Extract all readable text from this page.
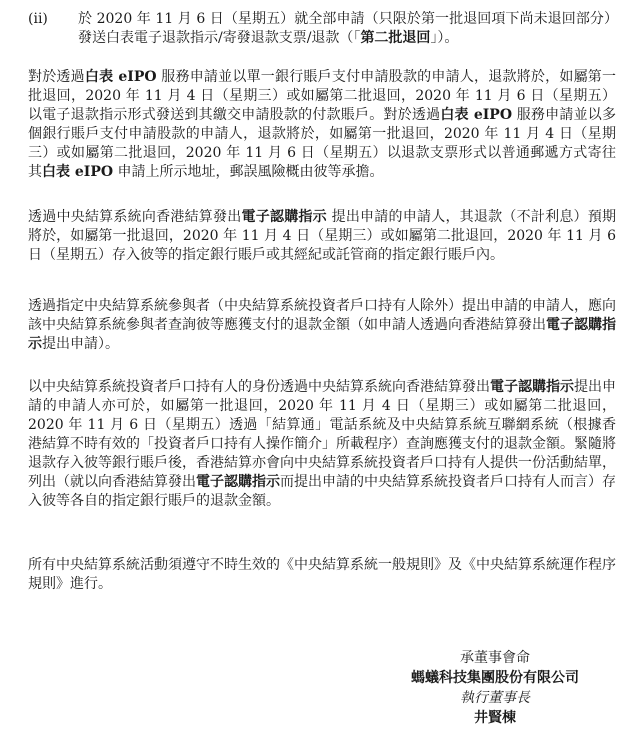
(ii)	於 2020 年 11 月 6 日（星期五）就全部申請（只限於第一批退回項下尚未退回部分）發送白表電子退款指示/寄發退款支票/退款（「第二批退回」）。
對於透過白表 eIPO 服務申請並以單一銀行賬戶支付申請股款的申請人，退款將於，如屬第一批退回，2020 年 11 月 4 日（星期三）或如屬第二批退回，2020 年 11 月 6 日（星期五）以電子退款指示形式發送到其繳交申請股款的付款賬戶。對於透過白表 eIPO 服務申請並以多個銀行賬戶支付申請股款的申請人，退款將於，如屬第一批退回，2020 年 11 月 4 日（星期三）或如屬第二批退回，2020 年 11 月 6 日（星期五）以退款支票形式以普通郵遞方式寄往其白表 eIPO 申請上所示地址，郵誤風險概由彼等承擔。
透過中央結算系統向香港結算發出電子認購指示 提出申請的申請人，其退款（不計利息）預期將於，如屬第一批退回，2020 年 11 月 4 日（星期三）或如屬第二批退回，2020 年 11 月 6 日（星期五）存入彼等的指定銀行賬戶或其經紀或託管商的指定銀行賬戶內。
透過指定中央結算系統參與者（中央結算系統投資者戶口持有人除外）提出申請的申請人，應向該中央結算系統參與者查詢彼等應獲支付的退款金額（如申請人透過向香港結算發出電子認購指示提出申請）。
以中央結算系統投資者戶口持有人的身份透過中央結算系統向香港結算發出電子認購指示提出申請的申請人亦可於，如屬第一批退回，2020 年 11 月 4 日（星期三）或如屬第二批退回，2020 年 11 月 6 日（星期五）透過「結算通」電話系統及中央結算系統互聯網系統（根據香港結算不時有效的「投資者戶口持有人操作簡介」所載程序）查詢應獲支付的退款金額。緊隨將退款存入彼等銀行賬戶後，香港結算亦會向中央結算系統投資者戶口持有人提供一份活動結單，列出（就以向香港結算發出電子認購指示而提出申請的中央結算系統投資者戶口持有人而言）存入彼等各自的指定銀行賬戶的退款金額。
所有中央結算系統活動須遵守不時生效的《中央結算系統一般規則》及《中央結算系統運作程序規則》進行。
承董事會命
螞蟻科技集團股份有限公司
執行董事長
井賢棟
